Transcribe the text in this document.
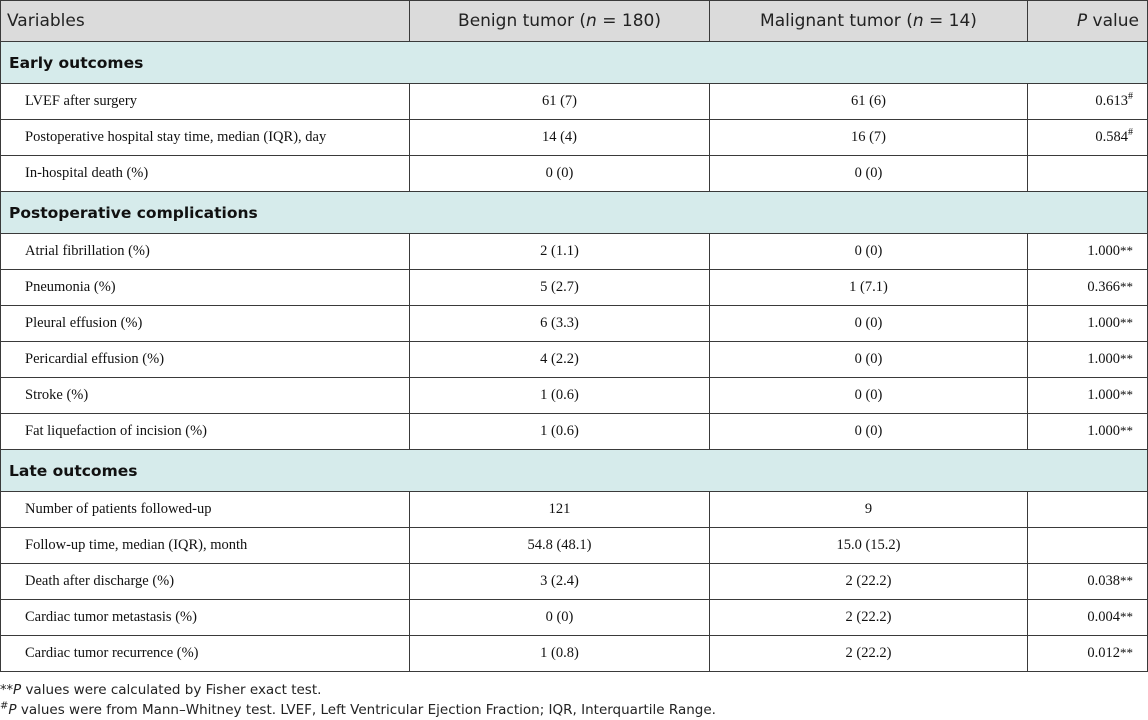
Variables	Benign tumor (n = 180)	Malignant tumor (n = 14)	P value
Early outcomes			
LVEF after surgery	61 (7)	61 (6)	0.613#
Postoperative hospital stay time, median (IQR), day	14 (4)	16 (7)	0.584#
In-hospital death (%)	0 (0)	0 (0)	
Postoperative complications			
Atrial fibrillation (%)	2 (1.1)	0 (0)	1.000**
Pneumonia (%)	5 (2.7)	1 (7.1)	0.366**
Pleural effusion (%)	6 (3.3)	0 (0)	1.000**
Pericardial effusion (%)	4 (2.2)	0 (0)	1.000**
Stroke (%)	1 (0.6)	0 (0)	1.000**
Fat liquefaction of incision (%)	1 (0.6)	0 (0)	1.000**
Late outcomes			
Number of patients followed-up	121	9	
Follow-up time, median (IQR), month	54.8 (48.1)	15.0 (15.2)	
Death after discharge (%)	3 (2.4)	2 (22.2)	0.038**
Cardiac tumor metastasis (%)	0 (0)	2 (22.2)	0.004**
Cardiac tumor recurrence (%)	1 (0.8)	2 (22.2)	0.012**
**P values were calculated by Fisher exact test.
#P values were from Mann–Whitney test. LVEF, Left Ventricular Ejection Fraction; IQR, Interquartile Range.
